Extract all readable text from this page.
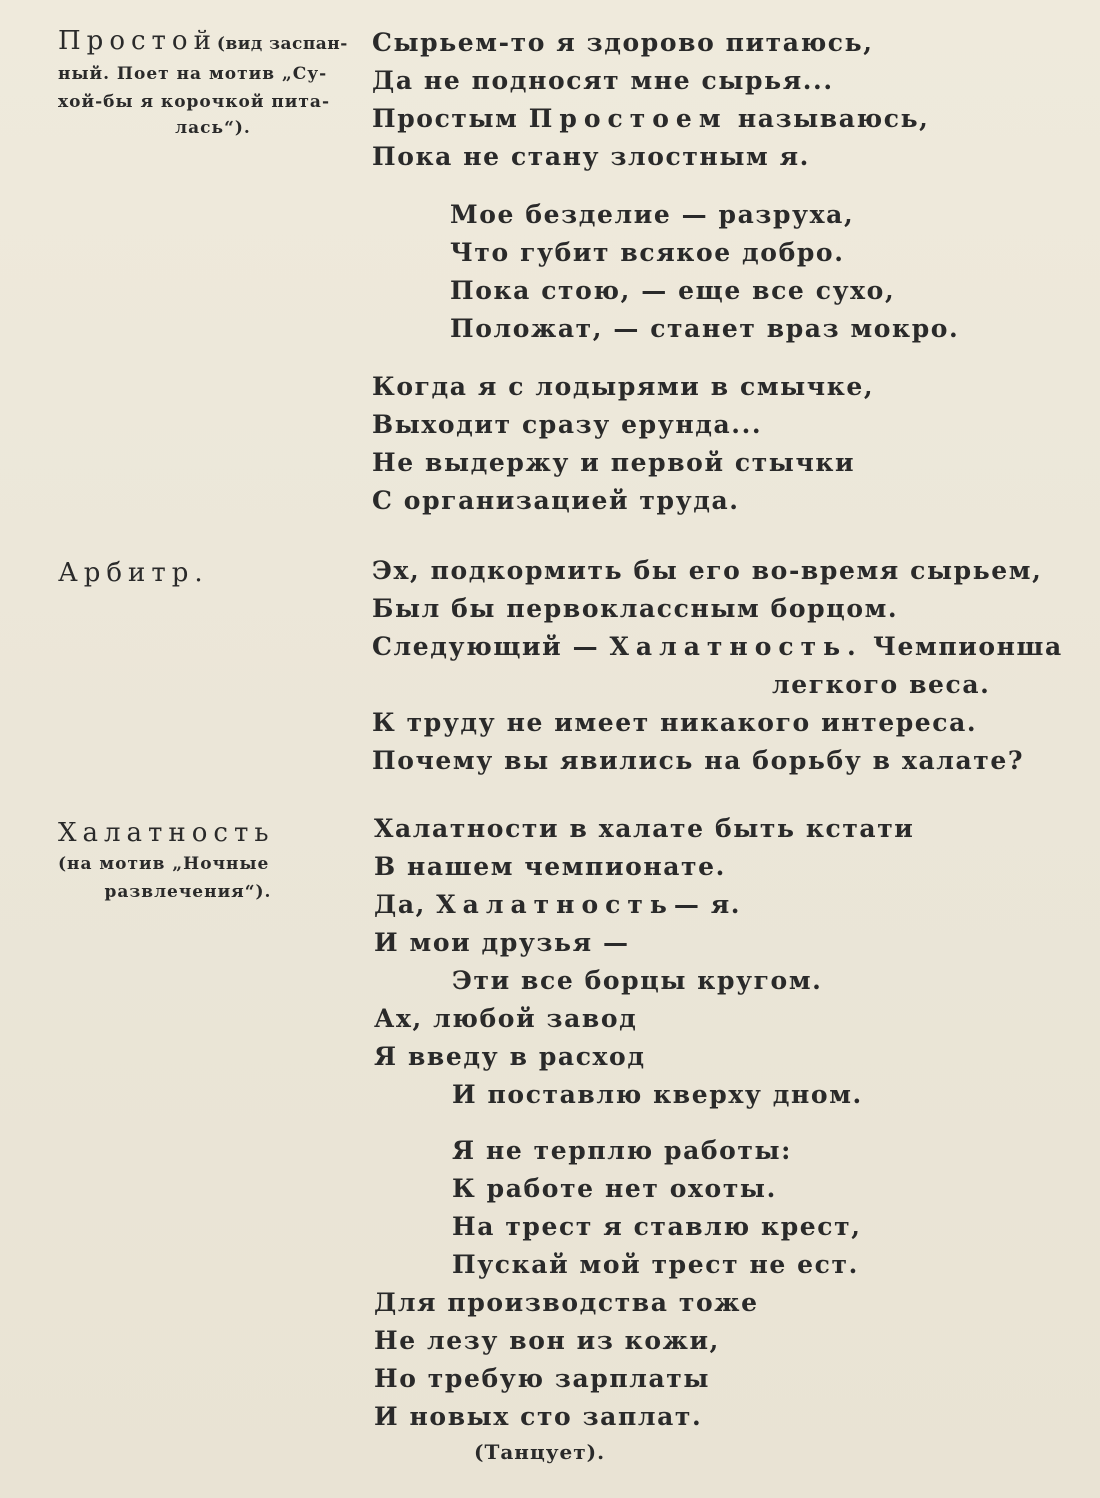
Простой(вид заспан-
ный. Поет на мотив „Су-
хой-бы я корочкой пита-
лась“).
Сырьем-то я здорово питаюсь,
Да не подносят мне сырья...
Простым Простоем называюсь,
Пока не стану злостным я.
Мое безделие — разруха,
Что губит всякое добро.
Пока стою, — еще все сухо,
Положат, — станет враз мокро.
Когда я с лодырями в смычке,
Выходит сразу ерунда...
Не выдержу и первой стычки
С организацией труда.
Арбитр.	Эх, подкормить бы его во-время сырьем,
Был бы первоклассным борцом.
Следующий — Халатность. Чемпионша
легкого веса.
К труду не имеет никакого интереса.
Почему вы явились на борьбу в халате?
Халатность
(на мотив „Ночные
развлечения“).
Халатности в халате быть кстати
В нашем чемпионате.
Да, Халатность— я.
И мои друзья —
Эти все борцы кругом.
Ах, любой завод
Я введу в расход
И поставлю кверху дном.
Я не терплю работы:
К работе нет охоты.
На трест я ставлю крест,
Пускай мой трест не ест.
Для производства тоже
Не лезу вон из кожи,
Но требую зарплаты
И новых сто заплат.
(Танцует).
